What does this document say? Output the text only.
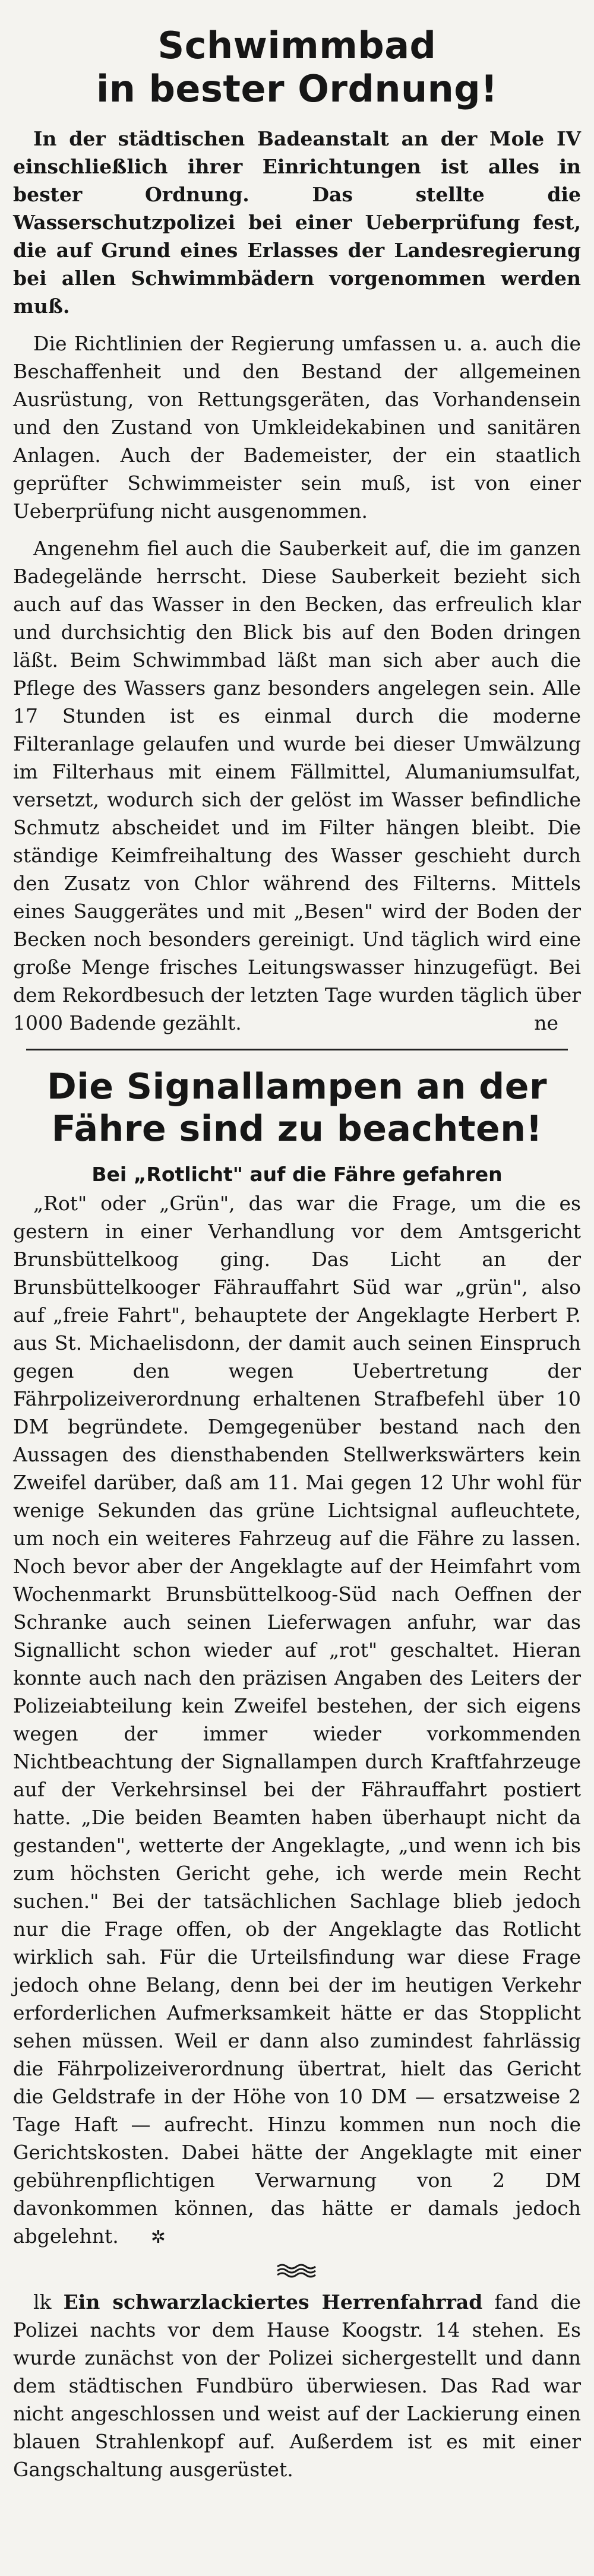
Schwimmbad
in bester Ordnung!

In der städtischen Badeanstalt an der Mole IV einschließlich ihrer Einrichtungen ist alles in bester Ordnung. Das stellte die Wasserschutzpolizei bei einer Ueberprüfung fest, die auf Grund eines Erlasses der Landesregierung bei allen Schwimmbädern vorgenommen werden muß.

Die Richtlinien der Regierung umfassen u. a. auch die Beschaffenheit und den Bestand der allgemeinen Ausrüstung, von Rettungsgeräten, das Vorhandensein und den Zustand von Umkleidekabinen und sanitären Anlagen. Auch der Bademeister, der ein staatlich geprüfter Schwimmeister sein muß, ist von einer Ueberprüfung nicht ausgenommen.

Angenehm fiel auch die Sauberkeit auf, die im ganzen Badegelände herrscht. Diese Sauberkeit bezieht sich auch auf das Wasser in den Becken, das erfreulich klar und durchsichtig den Blick bis auf den Boden dringen läßt. Beim Schwimmbad läßt man sich aber auch die Pflege des Wassers ganz besonders angelegen sein. Alle 17 Stunden ist es einmal durch die moderne Filteranlage gelaufen und wurde bei dieser Umwälzung im Filterhaus mit einem Fällmittel, Alumaniumsulfat, versetzt, wodurch sich der gelöst im Wasser befindliche Schmutz abscheidet und im Filter hängen bleibt. Die ständige Keimfreihaltung des Wasser geschieht durch den Zusatz von Chlor während des Filterns. Mittels eines Sauggerätes und mit „Besen" wird der Boden der Becken noch besonders gereinigt. Und täglich wird eine große Menge frisches Leitungswasser hinzugefügt. Bei dem Rekordbesuch der letzten Tage wurden täglich über 1000 Badende gezählt.	ne

Die Signallampen an der
Fähre sind zu beachten!
Bei „Rotlicht" auf die Fähre gefahren

„Rot" oder „Grün", das war die Frage, um die es gestern in einer Verhandlung vor dem Amtsgericht Brunsbüttelkoog ging. Das Licht an der Brunsbüttelkooger Fährauffahrt Süd war „grün", also auf „freie Fahrt", behauptete der Angeklagte Herbert P. aus St. Michaelisdonn, der damit auch seinen Einspruch gegen den wegen Uebertretung der Fährpolizeiverordnung erhaltenen Strafbefehl über 10 DM begründete. Demgegenüber bestand nach den Aussagen des diensthabenden Stellwerkswärters kein Zweifel darüber, daß am 11. Mai gegen 12 Uhr wohl für wenige Sekunden das grüne Lichtsignal aufleuchtete, um noch ein weiteres Fahrzeug auf die Fähre zu lassen. Noch bevor aber der Angeklagte auf der Heimfahrt vom Wochenmarkt Brunsbüttelkoog-Süd nach Oeffnen der Schranke auch seinen Lieferwagen anfuhr, war das Signallicht schon wieder auf „rot" geschaltet. Hieran konnte auch nach den präzisen Angaben des Leiters der Polizeiabteilung kein Zweifel bestehen, der sich eigens wegen der immer wieder vorkommenden Nichtbeachtung der Signallampen durch Kraftfahrzeuge auf der Verkehrsinsel bei der Fährauffahrt postiert hatte. „Die beiden Beamten haben überhaupt nicht da gestanden", wetterte der Angeklagte, „und wenn ich bis zum höchsten Gericht gehe, ich werde mein Recht suchen." Bei der tatsächlichen Sachlage blieb jedoch nur die Frage offen, ob der Angeklagte das Rotlicht wirklich sah. Für die Urteilsfindung war diese Frage jedoch ohne Belang, denn bei der im heutigen Verkehr erforderlichen Aufmerksamkeit hätte er das Stopplicht sehen müssen. Weil er dann also zumindest fahrlässig die Fährpolizeiverordnung übertrat, hielt das Gericht die Geldstrafe in der Höhe von 10 DM — ersatzweise 2 Tage Haft — aufrecht. Hinzu kommen nun noch die Gerichtskosten. Dabei hätte der Angeklagte mit einer gebührenpflichtigen Verwarnung von 2 DM davonkommen können, das hätte er damals jedoch abgelehnt. ✲

lk Ein schwarzlackiertes Herrenfahrrad fand die Polizei nachts vor dem Hause Koogstr. 14 stehen. Es wurde zunächst von der Polizei sichergestellt und dann dem städtischen Fundbüro überwiesen. Das Rad war nicht angeschlossen und weist auf der Lackierung einen blauen Strahlenkopf auf. Außerdem ist es mit einer Gangschaltung ausgerüstet.
